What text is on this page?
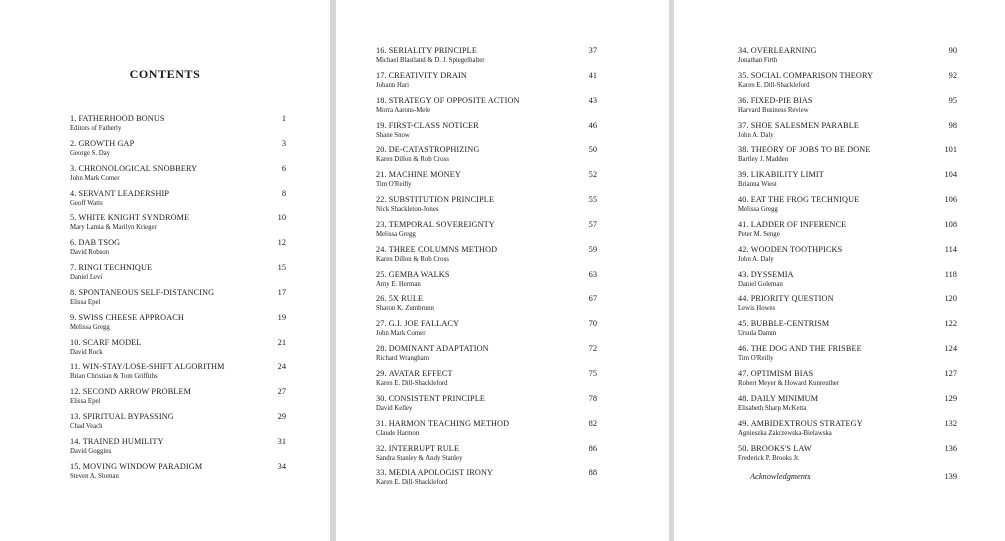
CONTENTS
1. FATHERHOOD BONUS
Editors of Fatherly
1
2. GROWTH GAP
George S. Day
3
3. CHRONOLOGICAL SNOBBERY
John Mark Comer
6
4. SERVANT LEADERSHIP
Geoff Watts
8
5. WHITE KNIGHT SYNDROME
Mary Lamia & Marilyn Krieger
10
6. DAB TSOG
David Robson
12
7. RINGI TECHNIQUE
Daniel Levi
15
8. SPONTANEOUS SELF-DISTANCING
Elissa Epel
17
9. SWISS CHEESE APPROACH
Melissa Gregg
19
10. SCARF MODEL
David Rock
21
11. WIN-STAY/LOSE-SHIFT ALGORITHM
Brian Christian & Tom Griffiths
24
12. SECOND ARROW PROBLEM
Elissa Epel
27
13. SPIRITUAL BYPASSING
Chad Veach
29
14. TRAINED HUMILITY
David Goggins
31
15. MOVING WINDOW PARADIGM
Steven A. Sloman
34
16. SERIALITY PRINCIPLE
Michael Blastland & D. J. Spiegelhalter
37
17. CREATIVITY DRAIN
Johann Hari
41
18. STRATEGY OF OPPOSITE ACTION
Morra Aarons-Mele
43
19. FIRST-CLASS NOTICER
Shane Snow
46
20. DE-CATASTROPHIZING
Karen Dillon & Rob Cross
50
21. MACHINE MONEY
Tim O'Reilly
52
22. SUBSTITUTION PRINCIPLE
Nick Shackleton-Jones
55
23. TEMPORAL SOVEREIGNTY
Melissa Gregg
57
24. THREE COLUMNS METHOD
Karen Dillon & Rob Cross
59
25. GEMBA WALKS
Amy E. Herman
63
26. 5X RULE
Sharon K. Zumbrunn
67
27. G.I. JOE FALLACY
John Mark Comer
70
28. DOMINANT ADAPTATION
Richard Wrangham
72
29. AVATAR EFFECT
Karen E. Dill-Shackleford
75
30. CONSISTENT PRINCIPLE
David Kelley
78
31. HARMON TEACHING METHOD
Claude Harmon
82
32. INTERRUPT RULE
Sandra Stanley & Andy Stanley
86
33. MEDIA APOLOGIST IRONY
Karen E. Dill-Shackleford
88
34. OVERLEARNING
Jonathan Firth
90
35. SOCIAL COMPARISON THEORY
Karen E. Dill-Shackleford
92
36. FIXED-PIE BIAS
Harvard Business Review
95
37. SHOE SALESMEN PARABLE
John A. Daly
98
38. THEORY OF JOBS TO BE DONE
Bartley J. Madden
101
39. LIKABILITY LIMIT
Brianna Wiest
104
40. EAT THE FROG TECHNIQUE
Melissa Gregg
106
41. LADDER OF INFERENCE
Peter M. Senge
108
42. WOODEN TOOTHPICKS
John A. Daly
114
43. DYSSEMIA
Daniel Goleman
118
44. PRIORITY QUESTION
Lewis Howes
120
45. BUBBLE-CENTRISM
Ursula Damm
122
46. THE DOG AND THE FRISBEE
Tim O'Reilly
124
47. OPTIMISM BIAS
Robert Meyer & Howard Kunreuther
127
48. DAILY MINIMUM
Elisabeth Sharp McKetta
129
49. AMBIDEXTROUS STRATEGY
Agnieszka Zakrzewska-Bielawska
132
50. BROOKS'S LAW
Frederick P. Brooks Jr.
136
Acknowledgments	139
